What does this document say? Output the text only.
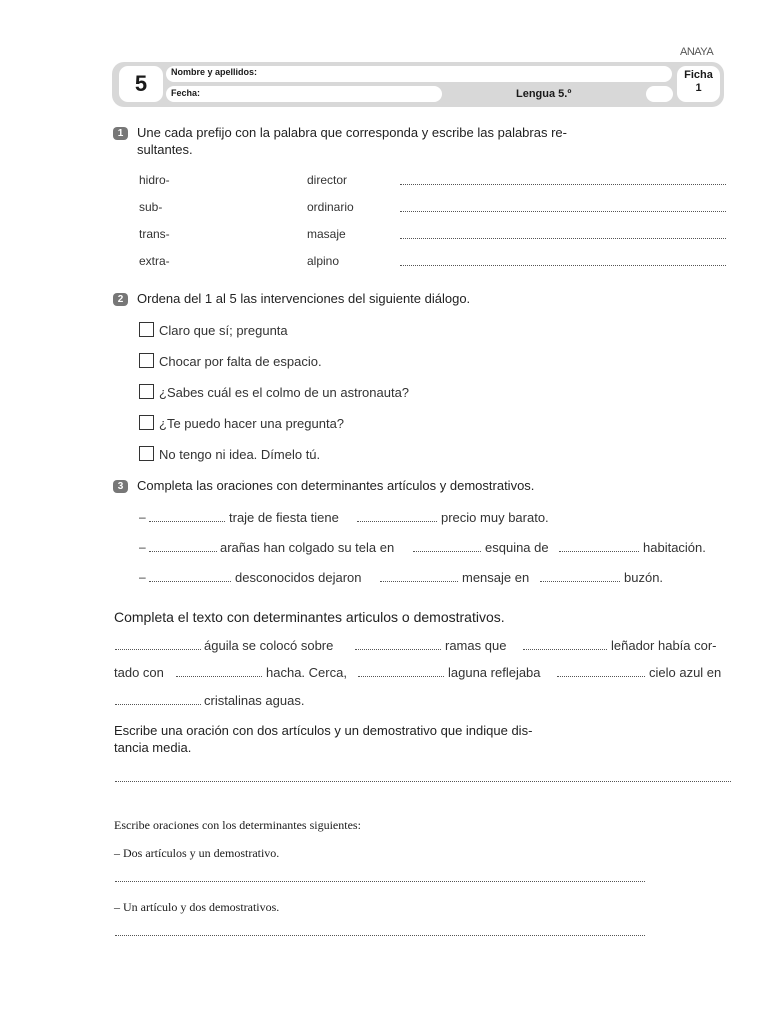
ANAYA
5	Nombre y apellidos:
Fecha:	Lengua 5.º
Ficha
1
1	Une cada prefijo con la palabra que corresponda y escribe las palabras re-
sultantes.
hidro-	director
sub-	ordinario
trans-	masaje
extra-	alpino
2	Ordena del 1 al 5 las intervenciones del siguiente diálogo.
Claro que sí; pregunta
Chocar por falta de espacio.
¿Sabes cuál es el colmo de un astronauta?
¿Te puedo hacer una pregunta?
No tengo ni idea. Dímelo tú.
3	Completa las oraciones con determinantes artículos y demostrativos.
–	traje de fiesta tiene	precio muy barato.
–	arañas han colgado su tela en	esquina de	habitación.
–	desconocidos dejaron	mensaje en	buzón.
Completa el texto con determinantes articulos o demostrativos.
águila se colocó sobre	ramas que	leñador había cor-
tado con	hacha. Cerca,	laguna reflejaba	cielo azul en
cristalinas aguas.
Escribe una oración con dos artículos y un demostrativo que indique dis-
tancia media.
Escribe oraciones con los determinantes siguientes:
– Dos artículos y un demostrativo.
– Un artículo y dos demostrativos.
